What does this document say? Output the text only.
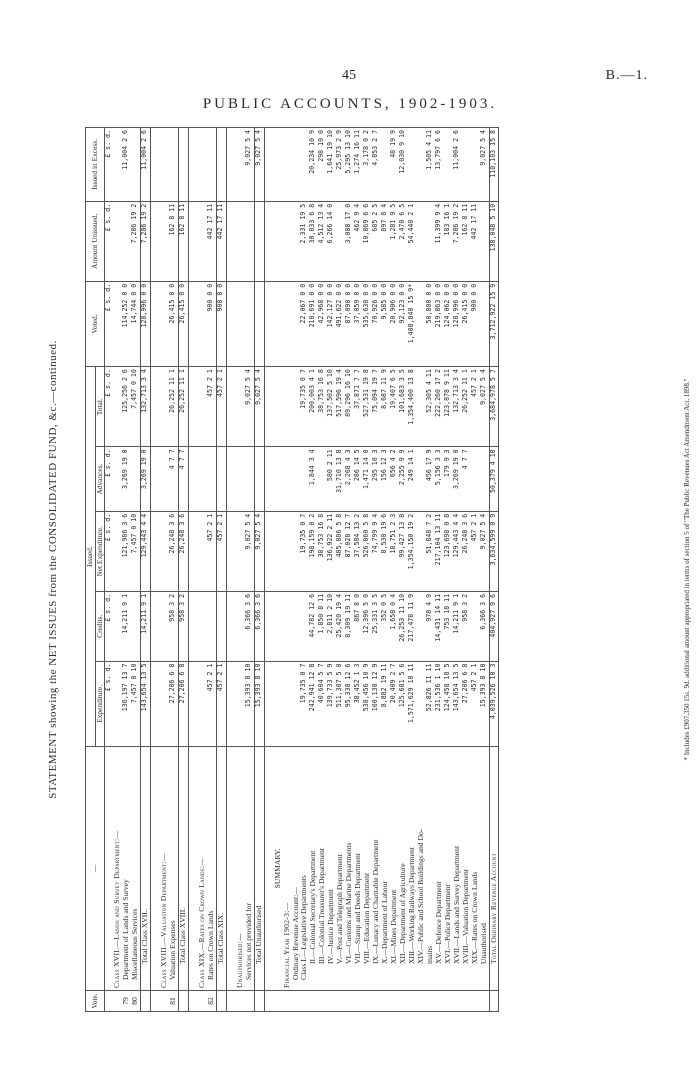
45	B.—1.
PUBLIC ACCOUNTS, 1902-1903.
STATEMENT showing the NET ISSUES from the CONSOLIDATED FUND, &c.—continued.
Vote.	—	Issued.					Voted.	Amount Unissued.	Issued in Excess.
		Expenditure.	Credits.	Net Expenditure.	Advances.	Total.			
		£ s. d.	£ s. d.	£ s. d.	£ s. d.	£ s. d.	£ s. d.	£ s. d.	£ s. d.
	Class XVII.—Lands and Survey Department:—								
79	Department of Lands and Survey	136,197 13 7	14,211 9 1	121,986 3 6	3,269 19 0	125,256 2 6	114,252 0 0		11,004 2 6
80	Miscellaneous Services	7,457 0 10		7,457 0 10		7,457 0 10	14,744 0 0	7,286 19 2	
	Total Class XVII..	143,654 13 5	14,211 9 1	129,443 4 4	3,269 19 0	132,713 3 4	128,996 0 0	7,286 19 2	11,004 2 6

	Class XVIII.—Valuation Department:—								
81	Valuation Expenses	27,206 6 8	958 3 2	26,248 3 6	4 7 7	26,252 11 1	26,415 0 0	162 8 11	
	Total Class XVIII.	27,206 6 8	958 3 2	26,248 3 6	4 7 7	26,252 11 1	26,415 0 0	162 8 11	

	Class XIX.—Rates on Crown Lands:—								
82	Rates on Crown Lands	457 2 1		457 2 1		457 2 1	900 0 0	442 17 11	
	Total Class XIX.	457 2 1		457 2 1		457 2 1	900 0 0	442 17 11	

	Unauthorised:—								
	Services not provided for	15,393 8 10	6,366 3 6	9,027 5 4		9,027 5 4			9,027 5 4
	Total Unauthorised	15,393 8 10	6,366 3 6	9,027 5 4		9,027 5 4			9,027 5 4

	SUMMARY.								
	Financial Year 1902-3:—								
	Ordinary Revenue Account:—								
	Class I.—Legislative Departments	19,735 0 7		19,735 0 7		19,735 0 7	22,067 0 0	2,331 19 5	
	II.—Colonial Secretary's Department	242,941 12 8	44,782 12 6	198,159 0 2	1,844 3 4	200,003 4 1	210,691 0 0	30,833 6 8	20,234 10 9
	III.—Colonial Treasurer's Department	40,604 5 7	1,850 8 11	38,753 16 8		38,753 16 8	42,968 0 0	4,512 13 4	298 10 0
	IV.—Justice Department	139,733 5 9	2,811 2 10	136,922 2 11	580 2 11	137,502 5 10	142,127 0 0	6,266 14 0	1,641 19 10
	V.—Post and Telegraph Department	511,307 5 0	25,420 19 4	485,886 5 8	31,710 13 8	517,596 19 4	491,622 0 0		25,973 2 9
	VI.—Customs and Marine Departments	95,338 12 6	8,309 19 11	87,028 12 7	2,268 4 3	89,296 16 10	87,090 0 0	3,088 17 0	5,295 13 10
	VII.—Stamp and Deeds Department	38,452 1 3	867 8 0	37,584 13 2	286 14 5	37,871 7 7	37,059 0 0	462 9 4	1,274 16 11
	VIII.—Education Department	538,456 10 9	12,396 5 0	526,060 5 8	1,471 14 0	527,531 19 8	535,630 0 0	10,869 6 6	3,178 0 2
	IX.—Lunacy and Charitable Department	100,130 12 9	25,331 3 5	74,799 9 4	295 10 3	75,094 19 7	70,926 0 0	685 2 5	4,853 2 7
	X.—Department of Labour	8,882 19 11	352 0 5	8,530 19 6	156 12 3	8,687 11 9	9,585 0 0	897 8 4	
	XI.—Mines Department	20,409 2 7	1,658 0 4	18,751 2 3	656 4 2	19,407 6 5	20,906 0 0	1,281 9 5	48 19 9
	XII.—Department of Agriculture	125,681 5 6	26,253 11 10	99,427 13 8	2,255 9 9	101,683 3 5	92,123 0 0	2,470 6 5	12,030 9 10
	XIII.—Working Railways Department	1,571,629 10 11	217,478 11 9	1,354,150 19 2	249 14 1	1,354,400 13 8	1,408,840 15 9*	54,440 2 1	
	XIV.—Public and School Buildings and Do-								
	mains	52,826 11 11	978 4 9	51,848 7 2	456 17 9	52,305 4 11	50,800 0 0		1,505 4 11
	XV.—Defence Department	231,536 1 10	14,431 14 11	217,104 13 11	5,156 3 3	222,260 17 2	219,863 0 0	11,399 9 4	13,797 6 6
	XVI.—Police Department	124,458 18 5	753 18 11	123,698 0 8	179 9 3	123,878 9 11	124,062 0 0	183 16 1	
	XVII.—Lands and Survey Department	143,654 13 5	14,211 9 1	129,443 4 4	3,269 19 0	132,713 3 4	128,996 0 0	7,286 19 2	11,004 2 6
	XVIII.—Valuation Department	27,206 6 8	958 3 2	26,248 3 6	4 7 7	26,252 11 1	26,415 0 0	162 8 11	
	XIX.—Rates on Crown Lands	457 2 1		457 2 1		457 2 1	900 0 0	442 17 11	
	Unauthorised	15,393 8 10	6,366 3 6	9,027 5 4		9,027 5 4			9,027 5 4
	Total Ordinary Revenue Account	4,039,526 10 3	404,927 9 6	3,634,599 0 9	50,379 4 10	3,684,978 5 7	3,712,922 15 9	138,048 5 10	110,103 15 8
* Includes £907,350 15s. 9d. additional amount appropriated in terms of section 5 of "The Public Revenues Act Amendment Act, 1898."
